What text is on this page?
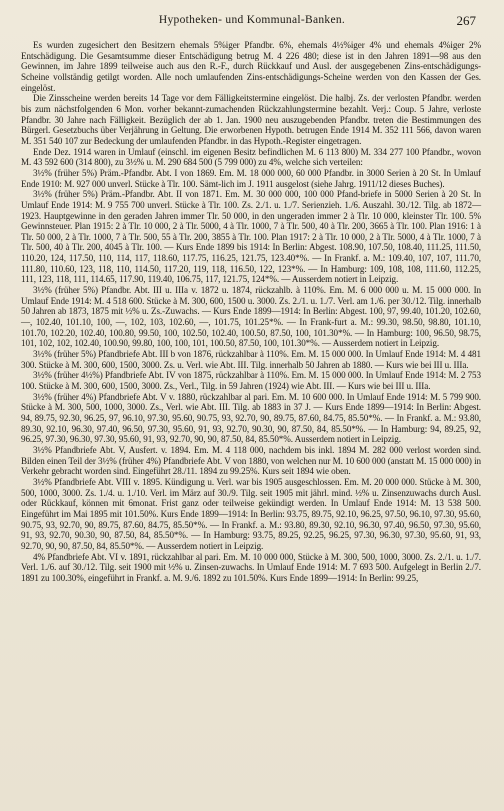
Hypotheken- und Kommunal-Banken.	267

Es wurden zugesichert den Besitzern ehemals 5%iger Pfandbr. 6%, ehemals 4½%iger 4% und ehemals 4%iger 2% Entschädigung. Die Gesamtsumme dieser Entschädigung betrug M. 4 226 480; diese ist in den Jahren 1891—98 aus den Gewinnen, im Jahre 1899 teilweise auch aus den R.-F., durch Rückkauf und Ausl. der ausgegebenen Zins-entschädigungs-Scheine vollständig getilgt worden. Alle noch umlaufenden Zins-entschädigungs-Scheine werden von den Kassen der Ges. eingelöst.

Die Zinsscheine werden bereits 14 Tage vor dem Fälligkeitstermine eingelöst. Die halbj. Zs. der verlosten Pfandbr. werden bis zum nächstfolgenden 6 Mon. vorher bekannt-zumachenden Rückzahlungstermine bezahlt. Verj.: Coup. 5 Jahre, verloste Pfandbr. 30 Jahre nach Fälligkeit. Bezüglich der ab 1. Jan. 1900 neu auszugebenden Pfandbr. treten die Bestimmungen des Bürgerl. Gesetzbuchs über Verjährung in Geltung. Die erworbenen Hypoth. betrugen Ende 1914 M. 352 111 566, davon waren M. 351 540 107 zur Bedeckung der umlaufenden Pfandbr. in das Hypoth.-Register eingetragen.

Ende Dez. 1914 waren in Umlauf (einschl. im eigenen Besitz befindlichen M. 6 113 800) M. 334 277 100 Pfandbr., wovon M. 43 592 600 (314 800), zu 3½% u. M. 290 684 500 (5 799 000) zu 4%, welche sich verteilen:

3½% (früher 5%) Präm.-Pfandbr. Abt. I von 1869. Em. M. 18 000 000, 60 000 Pfandbr. in 3000 Serien à 20 St. In Umlauf Ende 1910: M. 927 000 unverl. Stücke à Tlr. 100. Sämt-lich im J. 1911 ausgelost (siehe Jahrg. 1911/12 dieses Buches).

3½% (früher 5%) Präm.-Pfandbr. Abt. II von 1871. Em. M. 30 000 000, 100 000 Pfand-briefe in 5000 Serien à 20 St. In Umlauf Ende 1914: M. 9 755 700 unverl. Stücke à Tlr. 100. Zs. 2./1. u. 1./7. Serienzieh. 1./6. Auszahl. 30./12. Tilg. ab 1872—1923. Hauptgewinne in den geraden Jahren immer Tlr. 50 000, in den ungeraden immer 2 à Tlr. 10 000, kleinster Tlr. 100. 5% Gewinnsteuer. Plan 1915: 2 à Tlr. 10 000, 2 à Tlr. 5000, 4 à Tlr. 1000, 7 à Tlr. 500, 40 à Tlr. 200, 3665 à Tlr. 100. Plan 1916: 1 à Tlr. 50 000, 2 à Tlr. 1000, 7 à Tlr. 500, 55 à Tlr. 200, 3855 à Tlr. 100. Plan 1917: 2 à Tlr. 10 000, 2 à Tlr. 5000, 4 à Tlr. 1000, 7 à Tlr. 500, 40 à Tlr. 200, 4045 à Tlr. 100. — Kurs Ende 1899 bis 1914: In Berlin: Abgest. 108.90, 107.50, 108.40, 111.25, 111.50, 110.20, 124, 117.50, 110, 114, 117, 118.60, 117.75, 116.25, 121.75, 123.40*%. — In Frankf. a. M.: 109.40, 107, 107, 111.70, 111.80, 110.60, 123, 118, 110, 114.50, 117.20, 119, 118, 116.50, 122, 123*%. — In Hamburg: 109, 108, 108, 111.60, 112.25, 111, 123, 118, 111, 114.65, 117.90, 119.40, 106.75, 117, 121.75, 124*%. — Ausserdem notiert in Leipzig.

3½% (früher 5%) Pfandbr. Abt. III u. IIIa v. 1872 u. 1874, rückzahlb. à 110%. Em. M. 6 000 000 u. M. 15 000 000. In Umlauf Ende 1914: M. 4 518 600. Stücke à M. 300, 600, 1500 u. 3000. Zs. 2./1. u. 1./7. Verl. am 1./6. per 30./12. Tilg. innerhalb 50 Jahren ab 1873, 1875 mit ½% u. Zs.-Zuwachs. — Kurs Ende 1899—1914: In Berlin: Abgest. 100, 97, 99.40, 101.20, 102.60, —, 102.40, 101.10, 100, —, 102, 103, 102.60, —, 101.75, 101.25*%. — In Frank-furt a. M.: 99.30, 98.50, 98.80, 101.10, 101.70, 102.20, 102.40, 100.80, 99.50, 100, 102.50, 102.40, 100.50, 87.50, 100, 101.30*%. — In Hamburg: 100, 96.50, 98.75, 101, 102, 102, 102.40, 100.90, 99.80, 100, 100, 101, 100.50, 87.50, 100, 101.30*%. — Ausserdem notiert in Leipzig.

3½% (früher 5%) Pfandbriefe Abt. III b von 1876, rückzahlbar à 110%. Em. M. 15 000 000. In Umlauf Ende 1914: M. 4 481 300. Stücke à M. 300, 600, 1500, 3000. Zs. u. Verl. wie Abt. III. Tilg. innerhalb 50 Jahren ab 1880. — Kurs wie bei III u. IIIa.

3½% (früher 4½%) Pfandbriefe Abt. IV von 1875, rückzahlbar à 110%. Em. M. 15 000 000. In Umlauf Ende 1914: M. 2 753 100. Stücke à M. 300, 600, 1500, 3000. Zs., Verl., Tilg. in 59 Jahren (1924) wie Abt. III. — Kurs wie bei III u. IIIa.

3½% (früher 4%) Pfandbriefe Abt. V v. 1880, rückzahlbar al pari. Em. M. 10 600 000. In Umlauf Ende 1914: M. 5 799 900. Stücke à M. 300, 500, 1000, 3000. Zs., Verl. wie Abt. III. Tilg. ab 1883 in 37 J. — Kurs Ende 1899—1914: In Berlin: Abgest. 94, 89.75, 92.30, 96.25, 97, 96.10, 97.30, 95.60, 90.75, 93, 92.70, 90, 89.75, 87.60, 84.75, 85.50*%. — In Frankf. a. M.: 93.80, 89.30, 92.10, 96.30, 97.40, 96.50, 97.30, 95.60, 91, 93, 92.70, 90.30, 90, 87.50, 84, 85.50*%. — In Hamburg: 94, 89.25, 92, 96.25, 97.30, 96.30, 97.30, 95.60, 91, 93, 92.70, 90, 90, 87.50, 84, 85.50*%. Ausserdem notiert in Leipzig.

3½% Pfandbriefe Abt. V, Ausfert. v. 1894. Em. M. 4 118 000, nachdem bis inkl. 1894 M. 282 000 verlost worden sind. Bilden einen Teil der 3½% (früher 4%) Pfandbriefe Abt. V von 1880, von welchen nur M. 10 600 000 (anstatt M. 15 000 000) in Verkehr gebracht worden sind. Eingeführt 28./11. 1894 zu 99.25%. Kurs seit 1894 wie oben.

3½% Pfandbriefe Abt. VIII v. 1895. Kündigung u. Verl. war bis 1905 ausgeschlossen. Em. M. 20 000 000. Stücke à M. 300, 500, 1000, 3000. Zs. 1./4. u. 1./10. Verl. im März auf 30./9. Tilg. seit 1905 mit jährl. mind. ½% u. Zinsenzuwachs durch Ausl. oder Rückkauf, können mit 6monat. Frist ganz oder teilweise gekündigt werden. In Umlauf Ende 1914: M. 13 538 500. Eingeführt im Mai 1895 mit 101.50%. Kurs Ende 1899—1914: In Berlin: 93.75, 89.75, 92.10, 96.25, 97.50, 96.10, 97.30, 95.60, 90.75, 93, 92.70, 90, 89.75, 87.60, 84.75, 85.50*%. — In Frankf. a. M.: 93.80, 89.30, 92.10, 96.30, 97.40, 96.50, 97.30, 95.60, 91, 93, 92.70, 90.30, 90, 87.50, 84, 85.50*%. — In Hamburg: 93.75, 89.25, 92.25, 96.25, 97.30, 96.30, 97.30, 95.60, 91, 93, 92.70, 90, 90, 87.50, 84, 85.50*%. — Ausserdem notiert in Leipzig.

4% Pfandbriefe Abt. VI v. 1891, rückzahlbar al pari. Em. M. 10 000 000, Stücke à M. 300, 500, 1000, 3000. Zs. 2./1. u. 1./7. Verl. 1./6. auf 30./12. Tilg. seit 1900 mit ½% u. Zinsen-zuwachs. In Umlauf Ende 1914: M. 7 693 500. Aufgelegt in Berlin 2./7. 1891 zu 100.30%, eingeführt in Frankf. a. M. 9./6. 1892 zu 101.50%. Kurs Ende 1899—1914: In Berlin: 99.25,
